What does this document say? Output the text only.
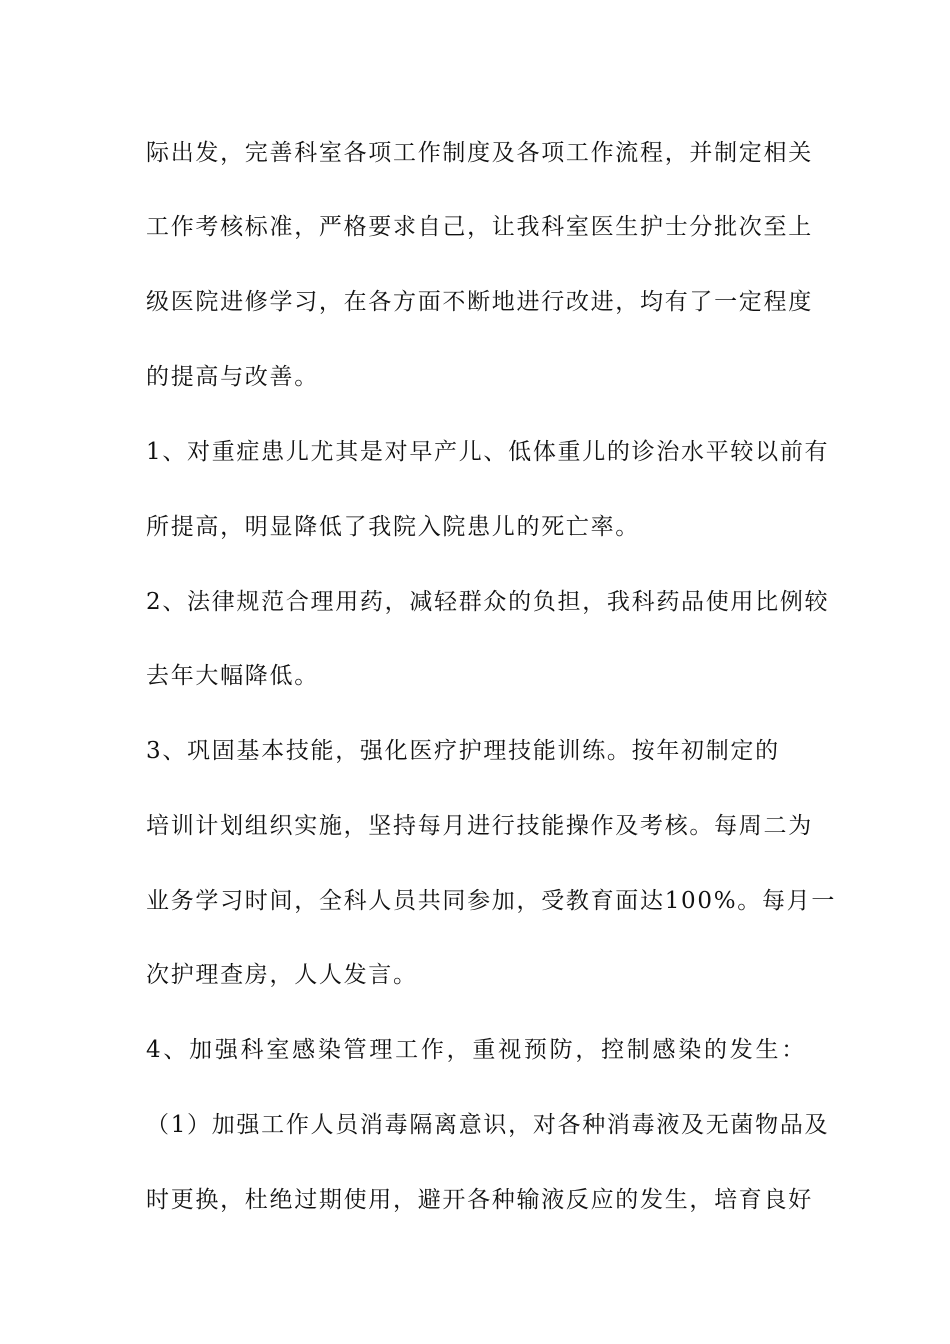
际出发，完善科室各项工作制度及各项工作流程，并制定相关
工作考核标准，严格要求自己，让我科室医生护士分批次至上
级医院进修学习，在各方面不断地进行改进，均有了一定程度
的提高与改善。
1、对重症患儿尤其是对早产儿、低体重儿的诊治水平较以前有
所提高，明显降低了我院入院患儿的死亡率。
2、法律规范合理用药，减轻群众的负担，我科药品使用比例较
去年大幅降低。
3、巩固基本技能，强化医疗护理技能训练。按年初制定的
培训计划组织实施，坚持每月进行技能操作及考核。每周二为
业务学习时间，全科人员共同参加，受教育面达100%。每月一
次护理查房，人人发言。
4、加强科室感染管理工作，重视预防，控制感染的发生：
（1）加强工作人员消毒隔离意识，对各种消毒液及无菌物品及
时更换，杜绝过期使用，避开各种输液反应的发生，培育良好
